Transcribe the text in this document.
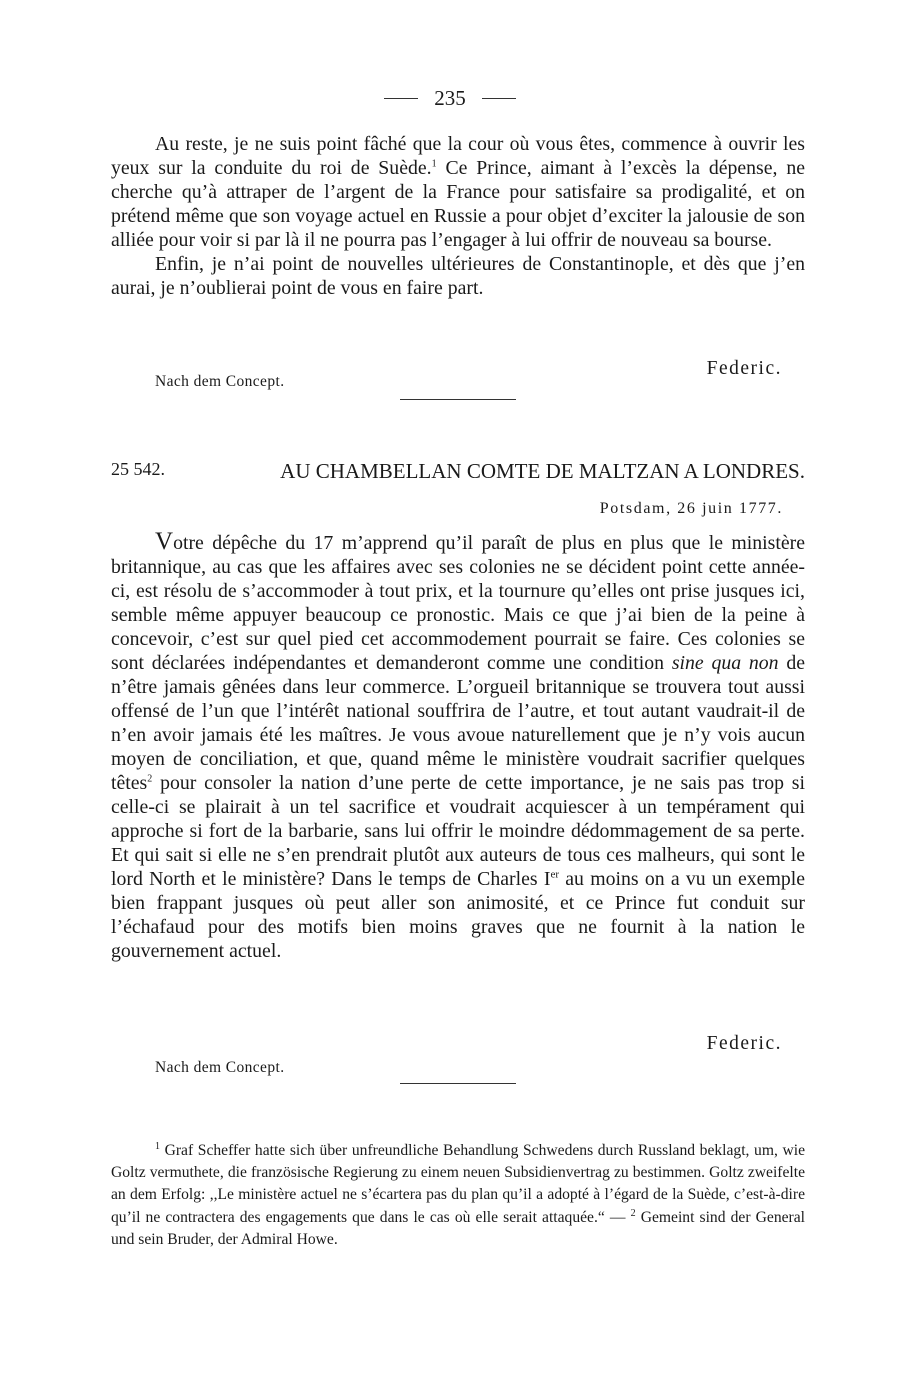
235

Au reste, je ne suis point fâché que la cour où vous êtes, commence à ouvrir les yeux sur la conduite du roi de Suède.$^1$ Ce Prince, aimant à l’excès la dépense, ne cherche qu’à attraper de l’argent de la France pour satisfaire sa prodigalité, et on prétend même que son voyage actuel en Russie a pour objet d’exciter la jalousie de son alliée pour voir si par là il ne pourra pas l’engager à lui offrir de nouveau sa bourse.

Enfin, je n’ai point de nouvelles ultérieures de Constantinople, et dès que j’en aurai, je n’oublierai point de vous en faire part.

Federic.
Nach dem Concept.
25 542.	AU CHAMBELLAN COMTE DE MALTZAN A LONDRES.
Potsdam, 26 juin 1777.

Votre dépêche du 17 m’apprend qu’il paraît de plus en plus que le ministère britannique, au cas que les affaires avec ses colonies ne se décident point cette année-ci, est résolu de s’accommoder à tout prix, et la tournure qu’elles ont prise jusques ici, semble même appuyer beaucoup ce pronostic. Mais ce que j’ai bien de la peine à concevoir, c’est sur quel pied cet accommodement pourrait se faire. Ces colonies se sont déclarées indépendantes et demanderont comme une condition sine qua non de n’être jamais gênées dans leur commerce. L’orgueil britannique se trouvera tout aussi offensé de l’un que l’intérêt national souffrira de l’autre, et tout autant vaudrait-il de n’en avoir jamais été les maîtres. Je vous avoue naturellement que je n’y vois aucun moyen de conciliation, et que, quand même le ministère voudrait sacrifier quelques têtes$^2$ pour consoler la nation d’une perte de cette importance, je ne sais pas trop si celle-ci se plairait à un tel sacrifice et voudrait acquiescer à un tempérament qui approche si fort de la barbarie, sans lui offrir le moindre dédommagement de sa perte. Et qui sait si elle ne s’en prendrait plutôt aux auteurs de tous ces malheurs, qui sont le lord North et le ministère? Dans le temps de Charles Ier au moins on a vu un exemple bien frappant jusques où peut aller son animosité, et ce Prince fut conduit sur l’échafaud pour des motifs bien moins graves que ne fournit à la nation le gouvernement actuel.

Federic.
Nach dem Concept.

$^1$ Graf Scheffer hatte sich über unfreundliche Behandlung Schwedens durch Russland beklagt, um, wie Goltz vermuthete, die französische Regierung zu einem neuen Subsidienvertrag zu bestimmen. Goltz zweifelte an dem Erfolg: ,,Le ministère actuel ne s’écartera pas du plan qu’il a adopté à l’égard de la Suède, c’est-à-dire qu’il ne contractera des engagements que dans le cas où elle serait attaquée.“ — $^2$ Gemeint sind der General und sein Bruder, der Admiral Howe.
